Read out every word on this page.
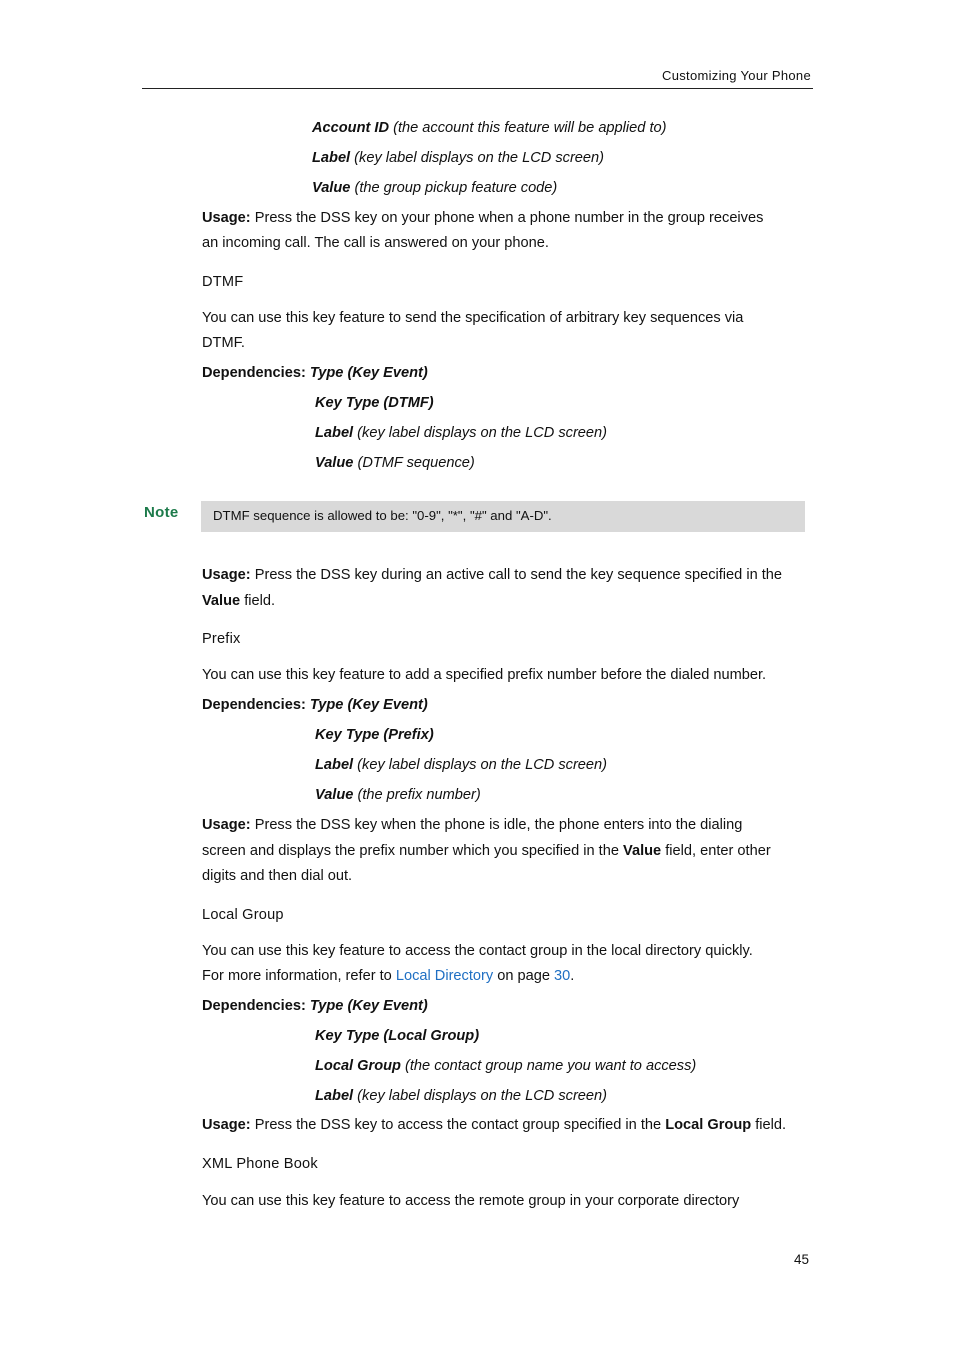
Customizing Your Phone
Account ID (the account this feature will be applied to)
Label (key label displays on the LCD screen)
Value (the group pickup feature code)
Usage: Press the DSS key on your phone when a phone number in the group receives
an incoming call. The call is answered on your phone.
DTMF
You can use this key feature to send the specification of arbitrary key sequences via
DTMF.
Dependencies: Type (Key Event)
Key Type (DTMF)
Label (key label displays on the LCD screen)
Value (DTMF sequence)
Note	DTMF sequence is allowed to be: "0-9", "*", "#" and "A-D".
Usage: Press the DSS key during an active call to send the key sequence specified in the
Value field.
Prefix
You can use this key feature to add a specified prefix number before the dialed number.
Dependencies: Type (Key Event)
Key Type (Prefix)
Label (key label displays on the LCD screen)
Value (the prefix number)
Usage: Press the DSS key when the phone is idle, the phone enters into the dialing
screen and displays the prefix number which you specified in the Value field, enter other
digits and then dial out.
Local Group
You can use this key feature to access the contact group in the local directory quickly.
For more information, refer to Local Directory on page 30.
Dependencies: Type (Key Event)
Key Type (Local Group)
Local Group (the contact group name you want to access)
Label (key label displays on the LCD screen)
Usage: Press the DSS key to access the contact group specified in the Local Group field.
XML Phone Book
You can use this key feature to access the remote group in your corporate directory
45
